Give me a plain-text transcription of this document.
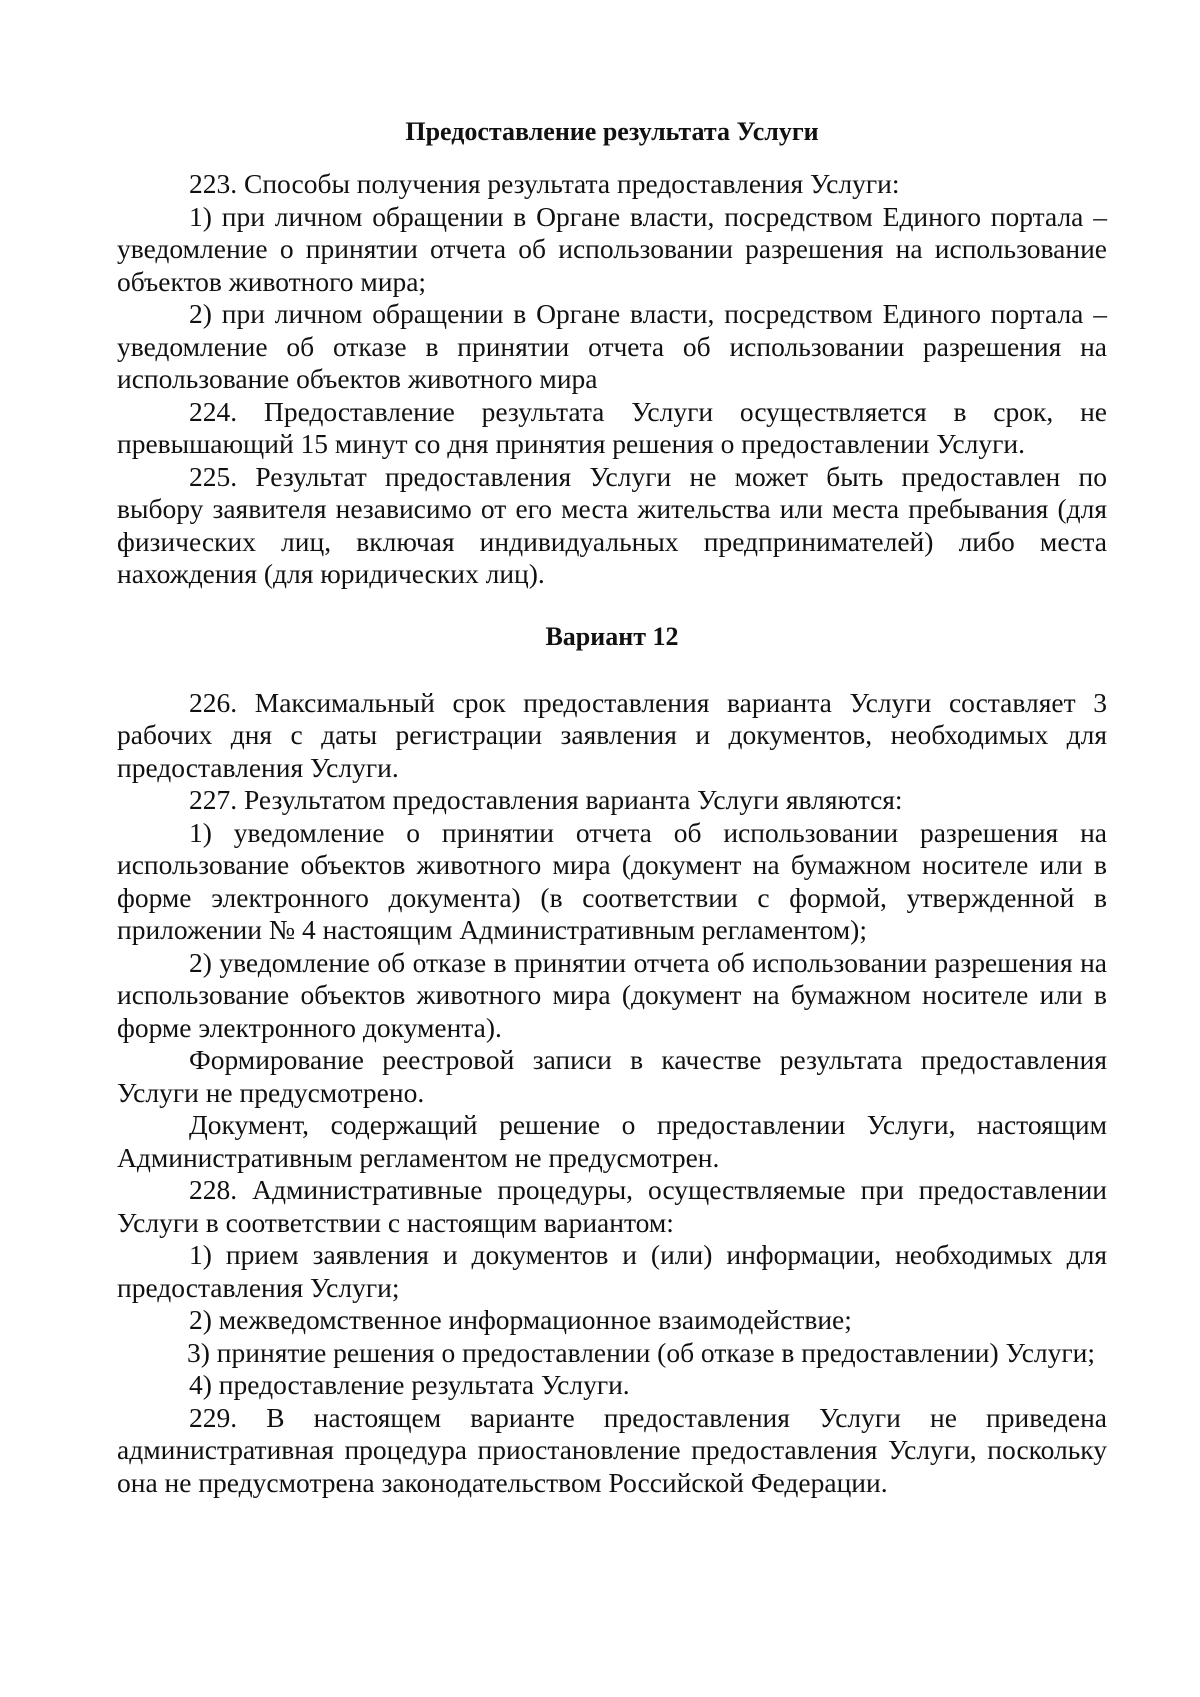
Предоставление результата Услуги

223. Способы получения результата предоставления Услуги:

1) при личном обращении в Органе власти, посредством Единого портала – уведомление о принятии отчета об использовании разрешения на использование объектов животного мира;

2) при личном обращении в Органе власти, посредством Единого портала – уведомление об отказе в принятии отчета об использовании разрешения на использование объектов животного мира

224. Предоставление результата Услуги осуществляется в срок, не превышающий 15 минут со дня принятия решения о предоставлении Услуги.

225. Результат предоставления Услуги не может быть предоставлен по выбору заявителя независимо от его места жительства или места пребывания (для физических лиц, включая индивидуальных предпринимателей) либо места нахождения (для юридических лиц).

Вариант 12

226. Максимальный срок предоставления варианта Услуги составляет 3 рабочих дня с даты регистрации заявления и документов, необходимых для предоставления Услуги.

227. Результатом предоставления варианта Услуги являются:

1) уведомление о принятии отчета об использовании разрешения на использование объектов животного мира (документ на бумажном носителе или в форме электронного документа) (в соответствии с формой, утвержденной в приложении № 4 настоящим Административным регламентом);

2) уведомление об отказе в принятии отчета об использовании разрешения на использование объектов животного мира (документ на бумажном носителе или в форме электронного документа).

Формирование реестровой записи в качестве результата предоставления Услуги не предусмотрено.

Документ, содержащий решение о предоставлении Услуги, настоящим Административным регламентом не предусмотрен.

228. Административные процедуры, осуществляемые при предоставлении Услуги в соответствии с настоящим вариантом:

1) прием заявления и документов и (или) информации, необходимых для предоставления Услуги;

2) межведомственное информационное взаимодействие;

3) принятие решения о предоставлении (об отказе в предоставлении) Услуги;

4) предоставление результата Услуги.

229. В настоящем варианте предоставления Услуги не приведена административная процедура приостановление предоставления Услуги, поскольку она не предусмотрена законодательством Российской Федерации.
